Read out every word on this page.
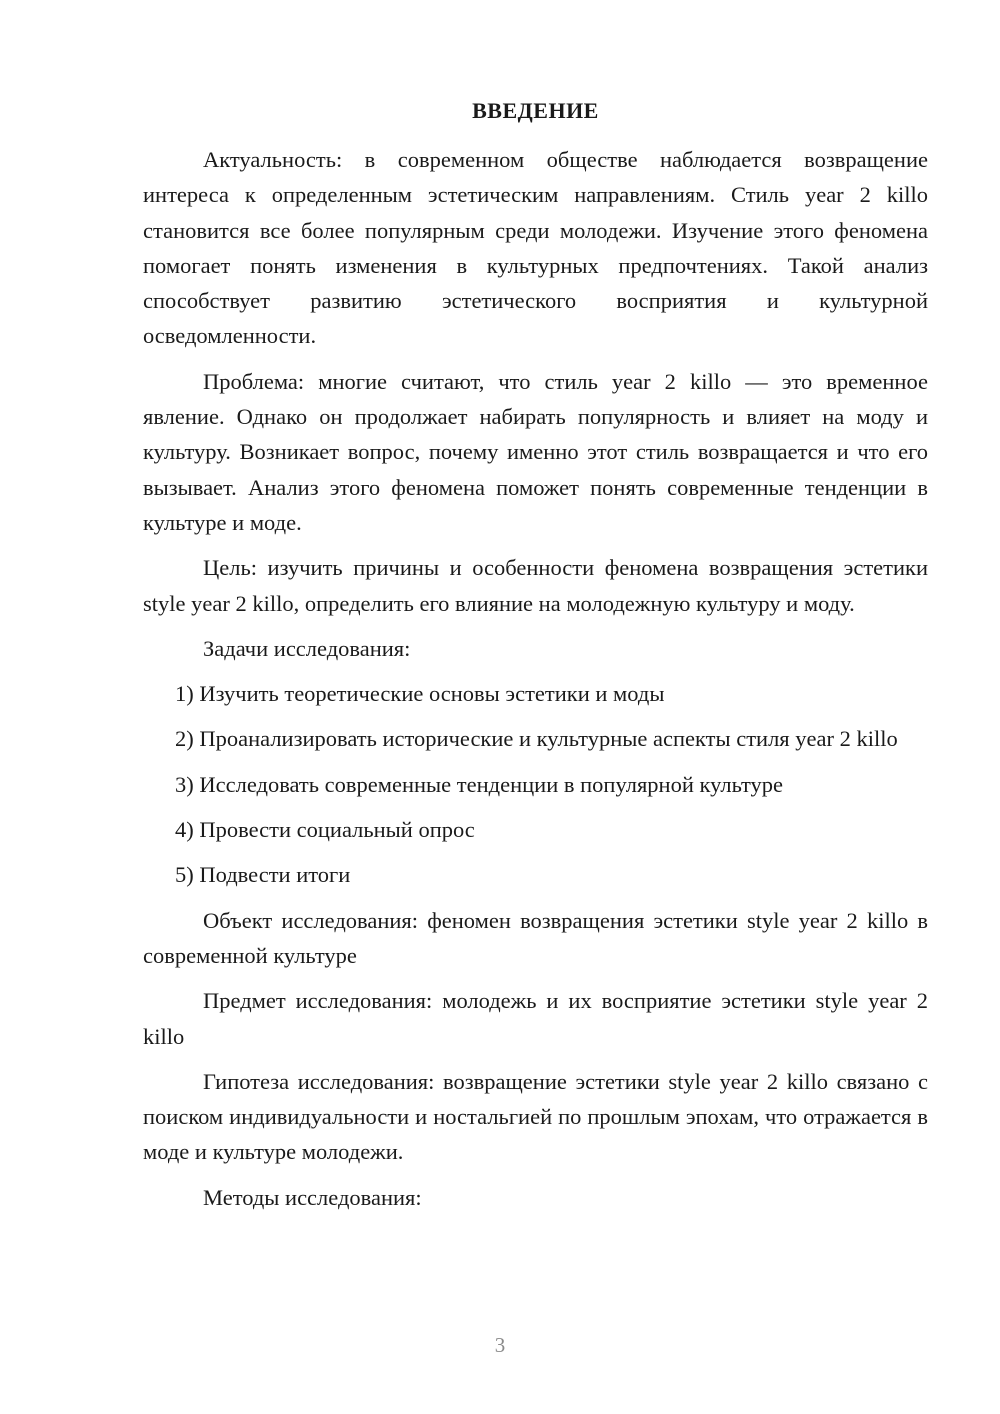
ВВЕДЕНИЕ

Актуальность: в современном обществе наблюдается возвращение интереса к определенным эстетическим направлениям. Стиль year 2 killo становится все более популярным среди молодежи. Изучение этого феномена помогает понять изменения в культурных предпочтениях. Такой анализ способствует развитию эстетического восприятия и культурной осведомленности.

Проблема: многие считают, что стиль year 2 killo — это временное явление. Однако он продолжает набирать популярность и влияет на моду и культуру. Возникает вопрос, почему именно этот стиль возвращается и что его вызывает. Анализ этого феномена поможет понять современные тенденции в культуре и моде.

Цель: изучить причины и особенности феномена возвращения эстетики style year 2 killo, определить его влияние на молодежную культуру и моду.

Задачи исследования:

1) Изучить теоретические основы эстетики и моды

2) Проанализировать исторические и культурные аспекты стиля year 2 killo

3) Исследовать современные тенденции в популярной культуре

4) Провести социальный опрос

5) Подвести итоги

Объект исследования: феномен возвращения эстетики style year 2 killo в современной культуре

Предмет исследования: молодежь и их восприятие эстетики style year 2 killo

Гипотеза исследования: возвращение эстетики style year 2 killo связано с поиском индивидуальности и ностальгией по прошлым эпохам, что отражается в моде и культуре молодежи.

Методы исследования:

3
